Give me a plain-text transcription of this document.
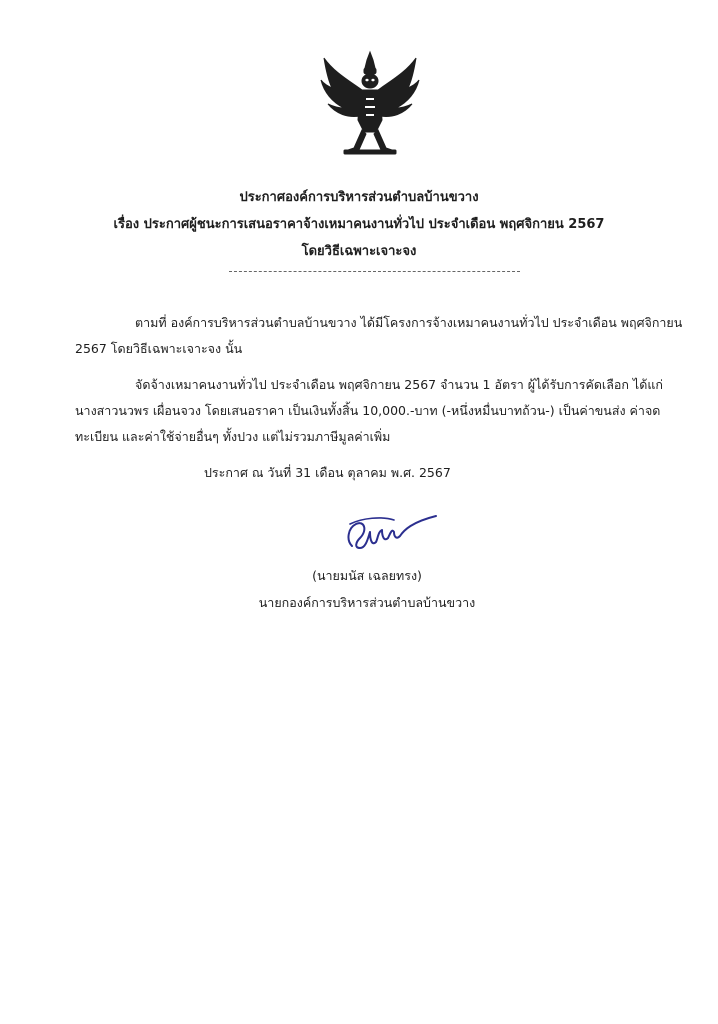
ประกาศองค์การบริหารส่วนตำบลบ้านขวาง
เรื่อง ประกาศผู้ชนะการเสนอราคาจ้างเหมาคนงานทั่วไป ประจำเดือน พฤศจิกายน 2567
โดยวิธีเฉพาะเจาะจง
ตามที่ องค์การบริหารส่วนตำบลบ้านขวาง ได้มีโครงการจ้างเหมาคนงานทั่วไป ประจำเดือน พฤศจิกายน
2567 โดยวิธีเฉพาะเจาะจง นั้น
จัดจ้างเหมาคนงานทั่วไป ประจำเดือน พฤศจิกายน 2567 จำนวน 1 อัตรา ผู้ได้รับการคัดเลือก ได้แก่
นางสาวนวพร เผื่อนจวง โดยเสนอราคา เป็นเงินทั้งสิ้น 10,000.-บาท (-หนึ่งหมื่นบาทถ้วน-) เป็นค่าขนส่ง ค่าจด
ทะเบียน และค่าใช้จ่ายอื่นๆ ทั้งปวง แต่ไม่รวมภาษีมูลค่าเพิ่ม
ประกาศ ณ วันที่ 31 เดือน ตุลาคม พ.ศ. 2567
(นายมนัส เฉลยทรง)
นายกองค์การบริหารส่วนตำบลบ้านขวาง
